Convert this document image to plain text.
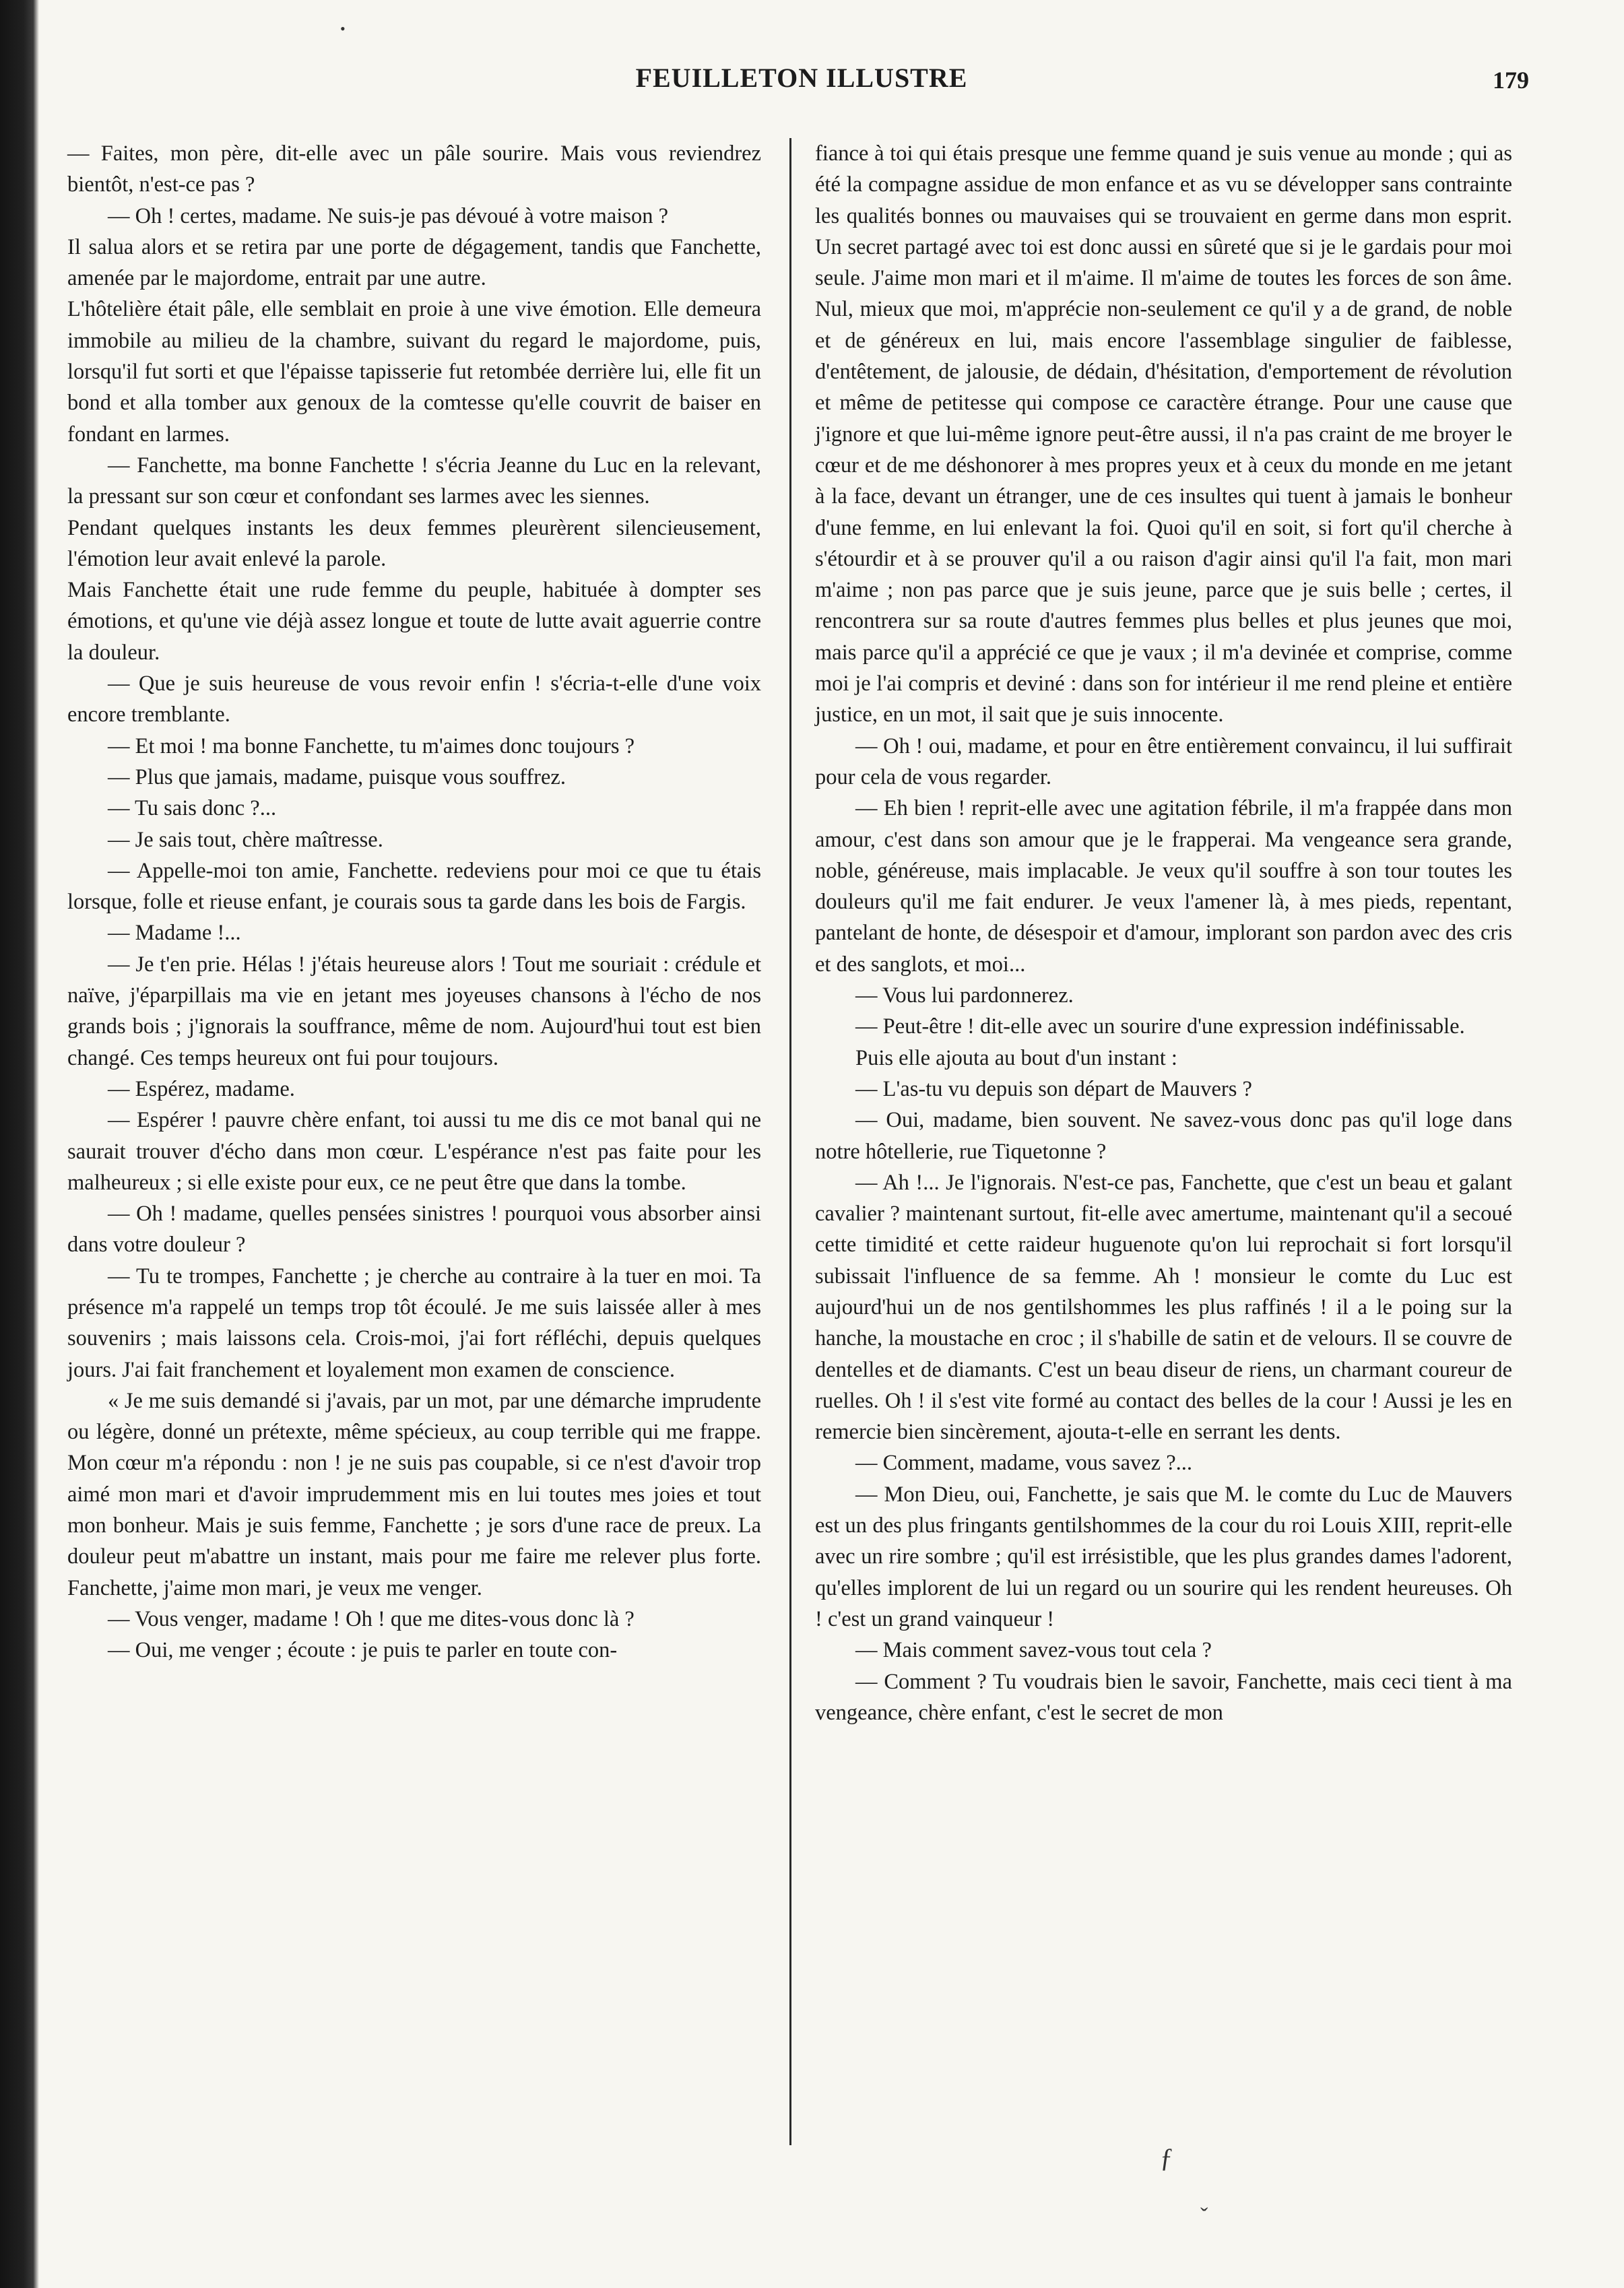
•
FEUILLETON ILLUSTRE	179

— Faites, mon père, dit-elle avec un pâle sourire. Mais vous reviendrez bientôt, n'est-ce pas ?

— Oh ! certes, madame. Ne suis-je pas dévoué à votre maison ?

Il salua alors et se retira par une porte de dégagement, tandis que Fanchette, amenée par le majordome, entrait par une autre.

L'hôtelière était pâle, elle semblait en proie à une vive émotion. Elle demeura immobile au milieu de la chambre, suivant du regard le majordome, puis, lorsqu'il fut sorti et que l'épaisse tapisserie fut retombée derrière lui, elle fit un bond et alla tomber aux genoux de la comtesse qu'elle couvrit de baiser en fondant en larmes.

— Fanchette, ma bonne Fanchette ! s'écria Jeanne du Luc en la relevant, la pressant sur son cœur et confondant ses larmes avec les siennes.

Pendant quelques instants les deux femmes pleurèrent silencieusement, l'émotion leur avait enlevé la parole.

Mais Fanchette était une rude femme du peuple, habituée à dompter ses émotions, et qu'une vie déjà assez longue et toute de lutte avait aguerrie contre la douleur.

— Que je suis heureuse de vous revoir enfin ! s'écria-t-elle d'une voix encore tremblante.

— Et moi ! ma bonne Fanchette, tu m'aimes donc toujours ?

— Plus que jamais, madame, puisque vous souffrez.

— Tu sais donc ?...

— Je sais tout, chère maîtresse.

— Appelle-moi ton amie, Fanchette. redeviens pour moi ce que tu étais lorsque, folle et rieuse enfant, je courais sous ta garde dans les bois de Fargis.

— Madame !...

— Je t'en prie. Hélas ! j'étais heureuse alors ! Tout me souriait : crédule et naïve, j'éparpillais ma vie en jetant mes joyeuses chansons à l'écho de nos grands bois ; j'ignorais la souffrance, même de nom. Aujourd'hui tout est bien changé. Ces temps heureux ont fui pour toujours.

— Espérez, madame.

— Espérer ! pauvre chère enfant, toi aussi tu me dis ce mot banal qui ne saurait trouver d'écho dans mon cœur. L'espérance n'est pas faite pour les malheureux ; si elle existe pour eux, ce ne peut être que dans la tombe.

— Oh ! madame, quelles pensées sinistres ! pourquoi vous absorber ainsi dans votre douleur ?

— Tu te trompes, Fanchette ; je cherche au contraire à la tuer en moi. Ta présence m'a rappelé un temps trop tôt écoulé. Je me suis laissée aller à mes souvenirs ; mais laissons cela. Crois-moi, j'ai fort réfléchi, depuis quelques jours. J'ai fait franchement et loyalement mon examen de conscience.

« Je me suis demandé si j'avais, par un mot, par une démarche imprudente ou légère, donné un prétexte, même spécieux, au coup terrible qui me frappe. Mon cœur m'a répondu : non ! je ne suis pas coupable, si ce n'est d'avoir trop aimé mon mari et d'avoir imprudemment mis en lui toutes mes joies et tout mon bonheur. Mais je suis femme, Fanchette ; je sors d'une race de preux. La douleur peut m'abattre un instant, mais pour me faire me relever plus forte. Fanchette, j'aime mon mari, je veux me venger.

— Vous venger, madame ! Oh ! que me dites-vous donc là ?

— Oui, me venger ; écoute : je puis te parler en toute con-

fiance à toi qui étais presque une femme quand je suis venue au monde ; qui as été la compagne assidue de mon enfance et as vu se développer sans contrainte les qualités bonnes ou mauvaises qui se trouvaient en germe dans mon esprit. Un secret partagé avec toi est donc aussi en sûreté que si je le gardais pour moi seule. J'aime mon mari et il m'aime. Il m'aime de toutes les forces de son âme. Nul, mieux que moi, m'apprécie non-seulement ce qu'il y a de grand, de noble et de généreux en lui, mais encore l'assemblage singulier de faiblesse, d'entêtement, de jalousie, de dédain, d'hésitation, d'emportement de révolution et même de petitesse qui compose ce caractère étrange. Pour une cause que j'ignore et que lui-même ignore peut-être aussi, il n'a pas craint de me broyer le cœur et de me déshonorer à mes propres yeux et à ceux du monde en me jetant à la face, devant un étranger, une de ces insultes qui tuent à jamais le bonheur d'une femme, en lui enlevant la foi. Quoi qu'il en soit, si fort qu'il cherche à s'étourdir et à se prouver qu'il a ou raison d'agir ainsi qu'il l'a fait, mon mari m'aime ; non pas parce que je suis jeune, parce que je suis belle ; certes, il rencontrera sur sa route d'autres femmes plus belles et plus jeunes que moi, mais parce qu'il a apprécié ce que je vaux ; il m'a devinée et comprise, comme moi je l'ai compris et deviné : dans son for intérieur il me rend pleine et entière justice, en un mot, il sait que je suis innocente.

— Oh ! oui, madame, et pour en être entièrement convaincu, il lui suffirait pour cela de vous regarder.

— Eh bien ! reprit-elle avec une agitation fébrile, il m'a frappée dans mon amour, c'est dans son amour que je le frapperai. Ma vengeance sera grande, noble, généreuse, mais implacable. Je veux qu'il souffre à son tour toutes les douleurs qu'il me fait endurer. Je veux l'amener là, à mes pieds, repentant, pantelant de honte, de désespoir et d'amour, implorant son pardon avec des cris et des sanglots, et moi...

— Vous lui pardonnerez.

— Peut-être ! dit-elle avec un sourire d'une expression indéfinissable.

Puis elle ajouta au bout d'un instant :

— L'as-tu vu depuis son départ de Mauvers ?

— Oui, madame, bien souvent. Ne savez-vous donc pas qu'il loge dans notre hôtellerie, rue Tiquetonne ?

— Ah !... Je l'ignorais. N'est-ce pas, Fanchette, que c'est un beau et galant cavalier ? maintenant surtout, fit-elle avec amertume, maintenant qu'il a secoué cette timidité et cette raideur huguenote qu'on lui reprochait si fort lorsqu'il subissait l'influence de sa femme. Ah ! monsieur le comte du Luc est aujourd'hui un de nos gentilshommes les plus raffinés ! il a le poing sur la hanche, la moustache en croc ; il s'habille de satin et de velours. Il se couvre de dentelles et de diamants. C'est un beau diseur de riens, un charmant coureur de ruelles. Oh ! il s'est vite formé au contact des belles de la cour ! Aussi je les en remercie bien sincèrement, ajouta-t-elle en serrant les dents.

— Comment, madame, vous savez ?...

— Mon Dieu, oui, Fanchette, je sais que M. le comte du Luc de Mauvers est un des plus fringants gentilshommes de la cour du roi Louis XIII, reprit-elle avec un rire sombre ; qu'il est irrésistible, que les plus grandes dames l'adorent, qu'elles implorent de lui un regard ou un sourire qui les rendent heureuses. Oh ! c'est un grand vainqueur !

— Mais comment savez-vous tout cela ?

— Comment ? Tu voudrais bien le savoir, Fanchette, mais ceci tient à ma vengeance, chère enfant, c'est le secret de mon

ƒ
ˇ
